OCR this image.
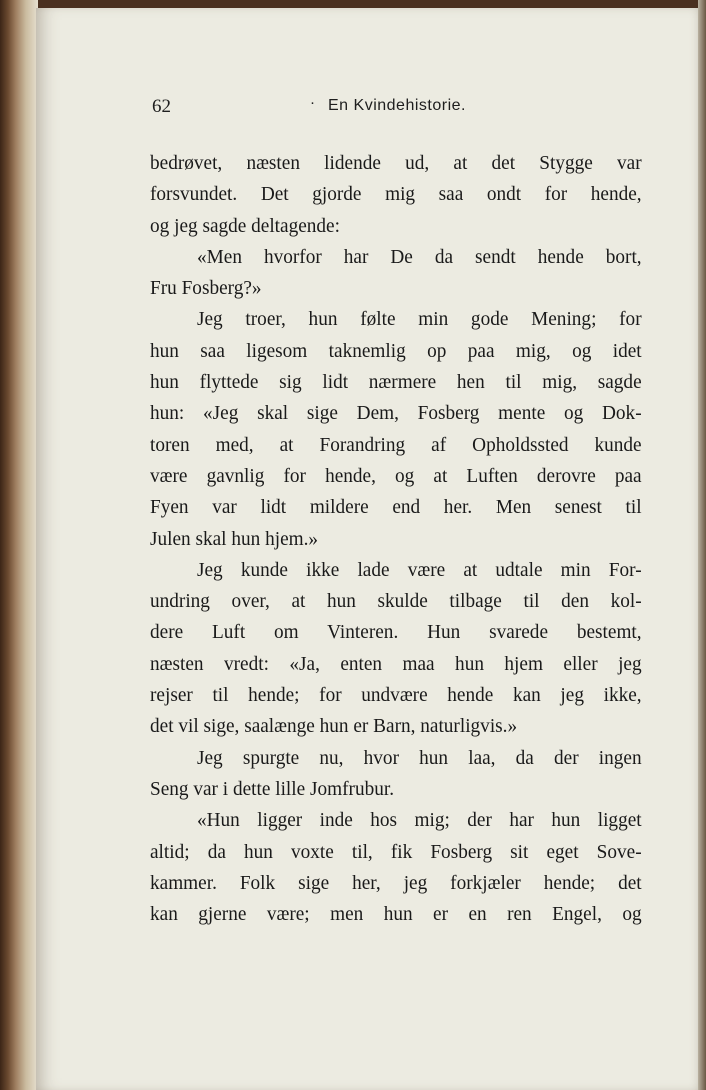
62	· En Kvindehistorie.
bedrøvet, næsten lidende ud, at det Stygge var
forsvundet. Det gjorde mig saa ondt for hende,
og jeg sagde deltagende:
«Men hvorfor har De da sendt hende bort,
Fru Fosberg?»
Jeg troer, hun følte min gode Mening; for
hun saa ligesom taknemlig op paa mig, og idet
hun flyttede sig lidt nærmere hen til mig, sagde
hun: «Jeg skal sige Dem, Fosberg mente og Dok-
toren med, at Forandring af Opholdssted kunde
være gavnlig for hende, og at Luften derovre paa
Fyen var lidt mildere end her. Men senest til
Julen skal hun hjem.»
Jeg kunde ikke lade være at udtale min For-
undring over, at hun skulde tilbage til den kol-
dere Luft om Vinteren. Hun svarede bestemt,
næsten vredt: «Ja, enten maa hun hjem eller jeg
rejser til hende; for undvære hende kan jeg ikke,
det vil sige, saalænge hun er Barn, naturligvis.»
Jeg spurgte nu, hvor hun laa, da der ingen
Seng var i dette lille Jomfrubur.
«Hun ligger inde hos mig; der har hun ligget
altid; da hun voxte til, fik Fosberg sit eget Sove-
kammer. Folk sige her, jeg forkjæler hende; det
kan gjerne være; men hun er en ren Engel, og
